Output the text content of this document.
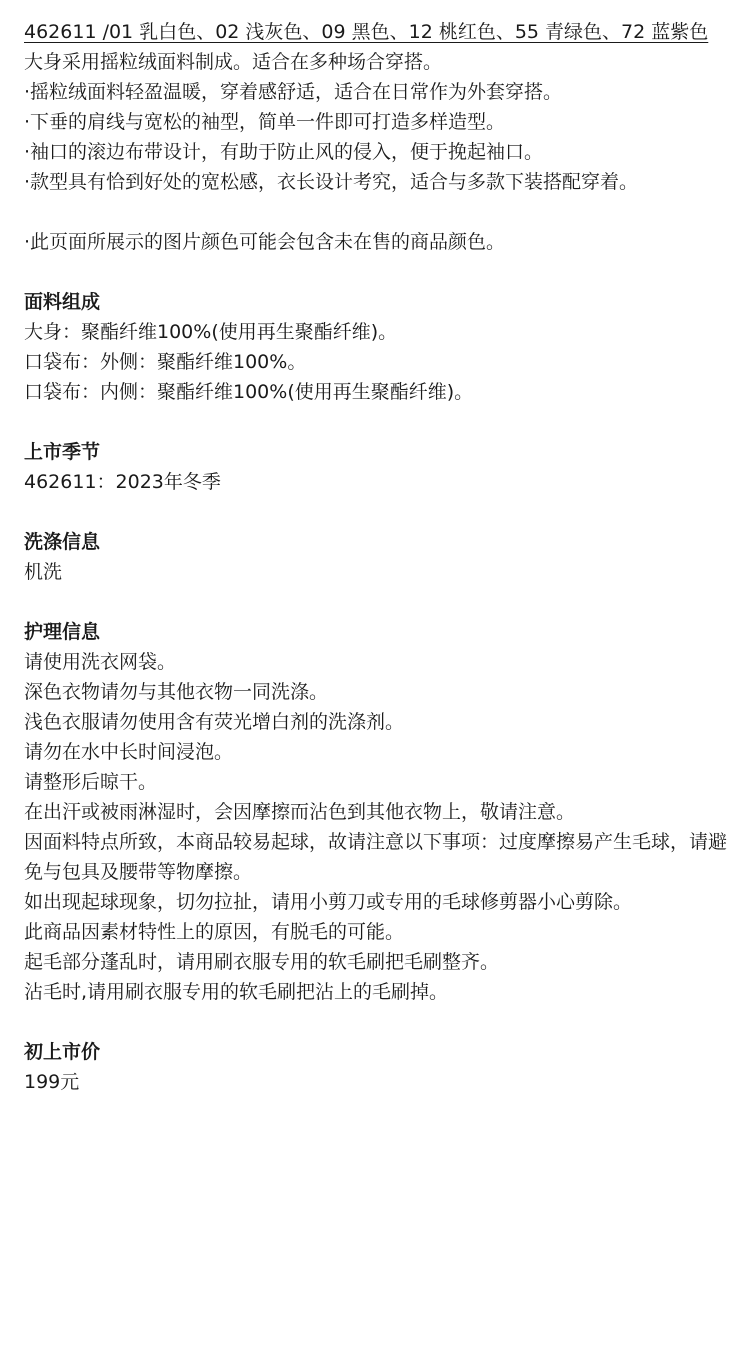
462611 /01 乳白色、02 浅灰色、09 黑色、12 桃红色、55 青绿色、72 蓝紫色

大身采用摇粒绒面料制成。适合在多种场合穿搭。

·摇粒绒面料轻盈温暖，穿着感舒适，适合在日常作为外套穿搭。

·下垂的肩线与宽松的袖型，简单一件即可打造多样造型。

·袖口的滚边布带设计，有助于防止风的侵入，便于挽起袖口。

·款型具有恰到好处的宽松感，衣长设计考究，适合与多款下装搭配穿着。

·此页面所展示的图片颜色可能会包含未在售的商品颜色。

面料组成

大身：聚酯纤维100%(使用再生聚酯纤维)。

口袋布：外侧：聚酯纤维100%。

口袋布：内侧：聚酯纤维100%(使用再生聚酯纤维)。

上市季节

462611：2023年冬季

洗涤信息

机洗

护理信息

请使用洗衣网袋。

深色衣物请勿与其他衣物一同洗涤。

浅色衣服请勿使用含有荧光增白剂的洗涤剂。

请勿在水中长时间浸泡。

请整形后晾干。

在出汗或被雨淋湿时，会因摩擦而沾色到其他衣物上，敬请注意。

因面料特点所致，本商品较易起球，故请注意以下事项：过度摩擦易产生毛球，请避免与包具及腰带等物摩擦。

如出现起球现象，切勿拉扯，请用小剪刀或专用的毛球修剪器小心剪除。

此商品因素材特性上的原因，有脱毛的可能。

起毛部分蓬乱时，请用刷衣服专用的软毛刷把毛刷整齐。

沾毛时,请用刷衣服专用的软毛刷把沾上的毛刷掉。

初上市价

199元
